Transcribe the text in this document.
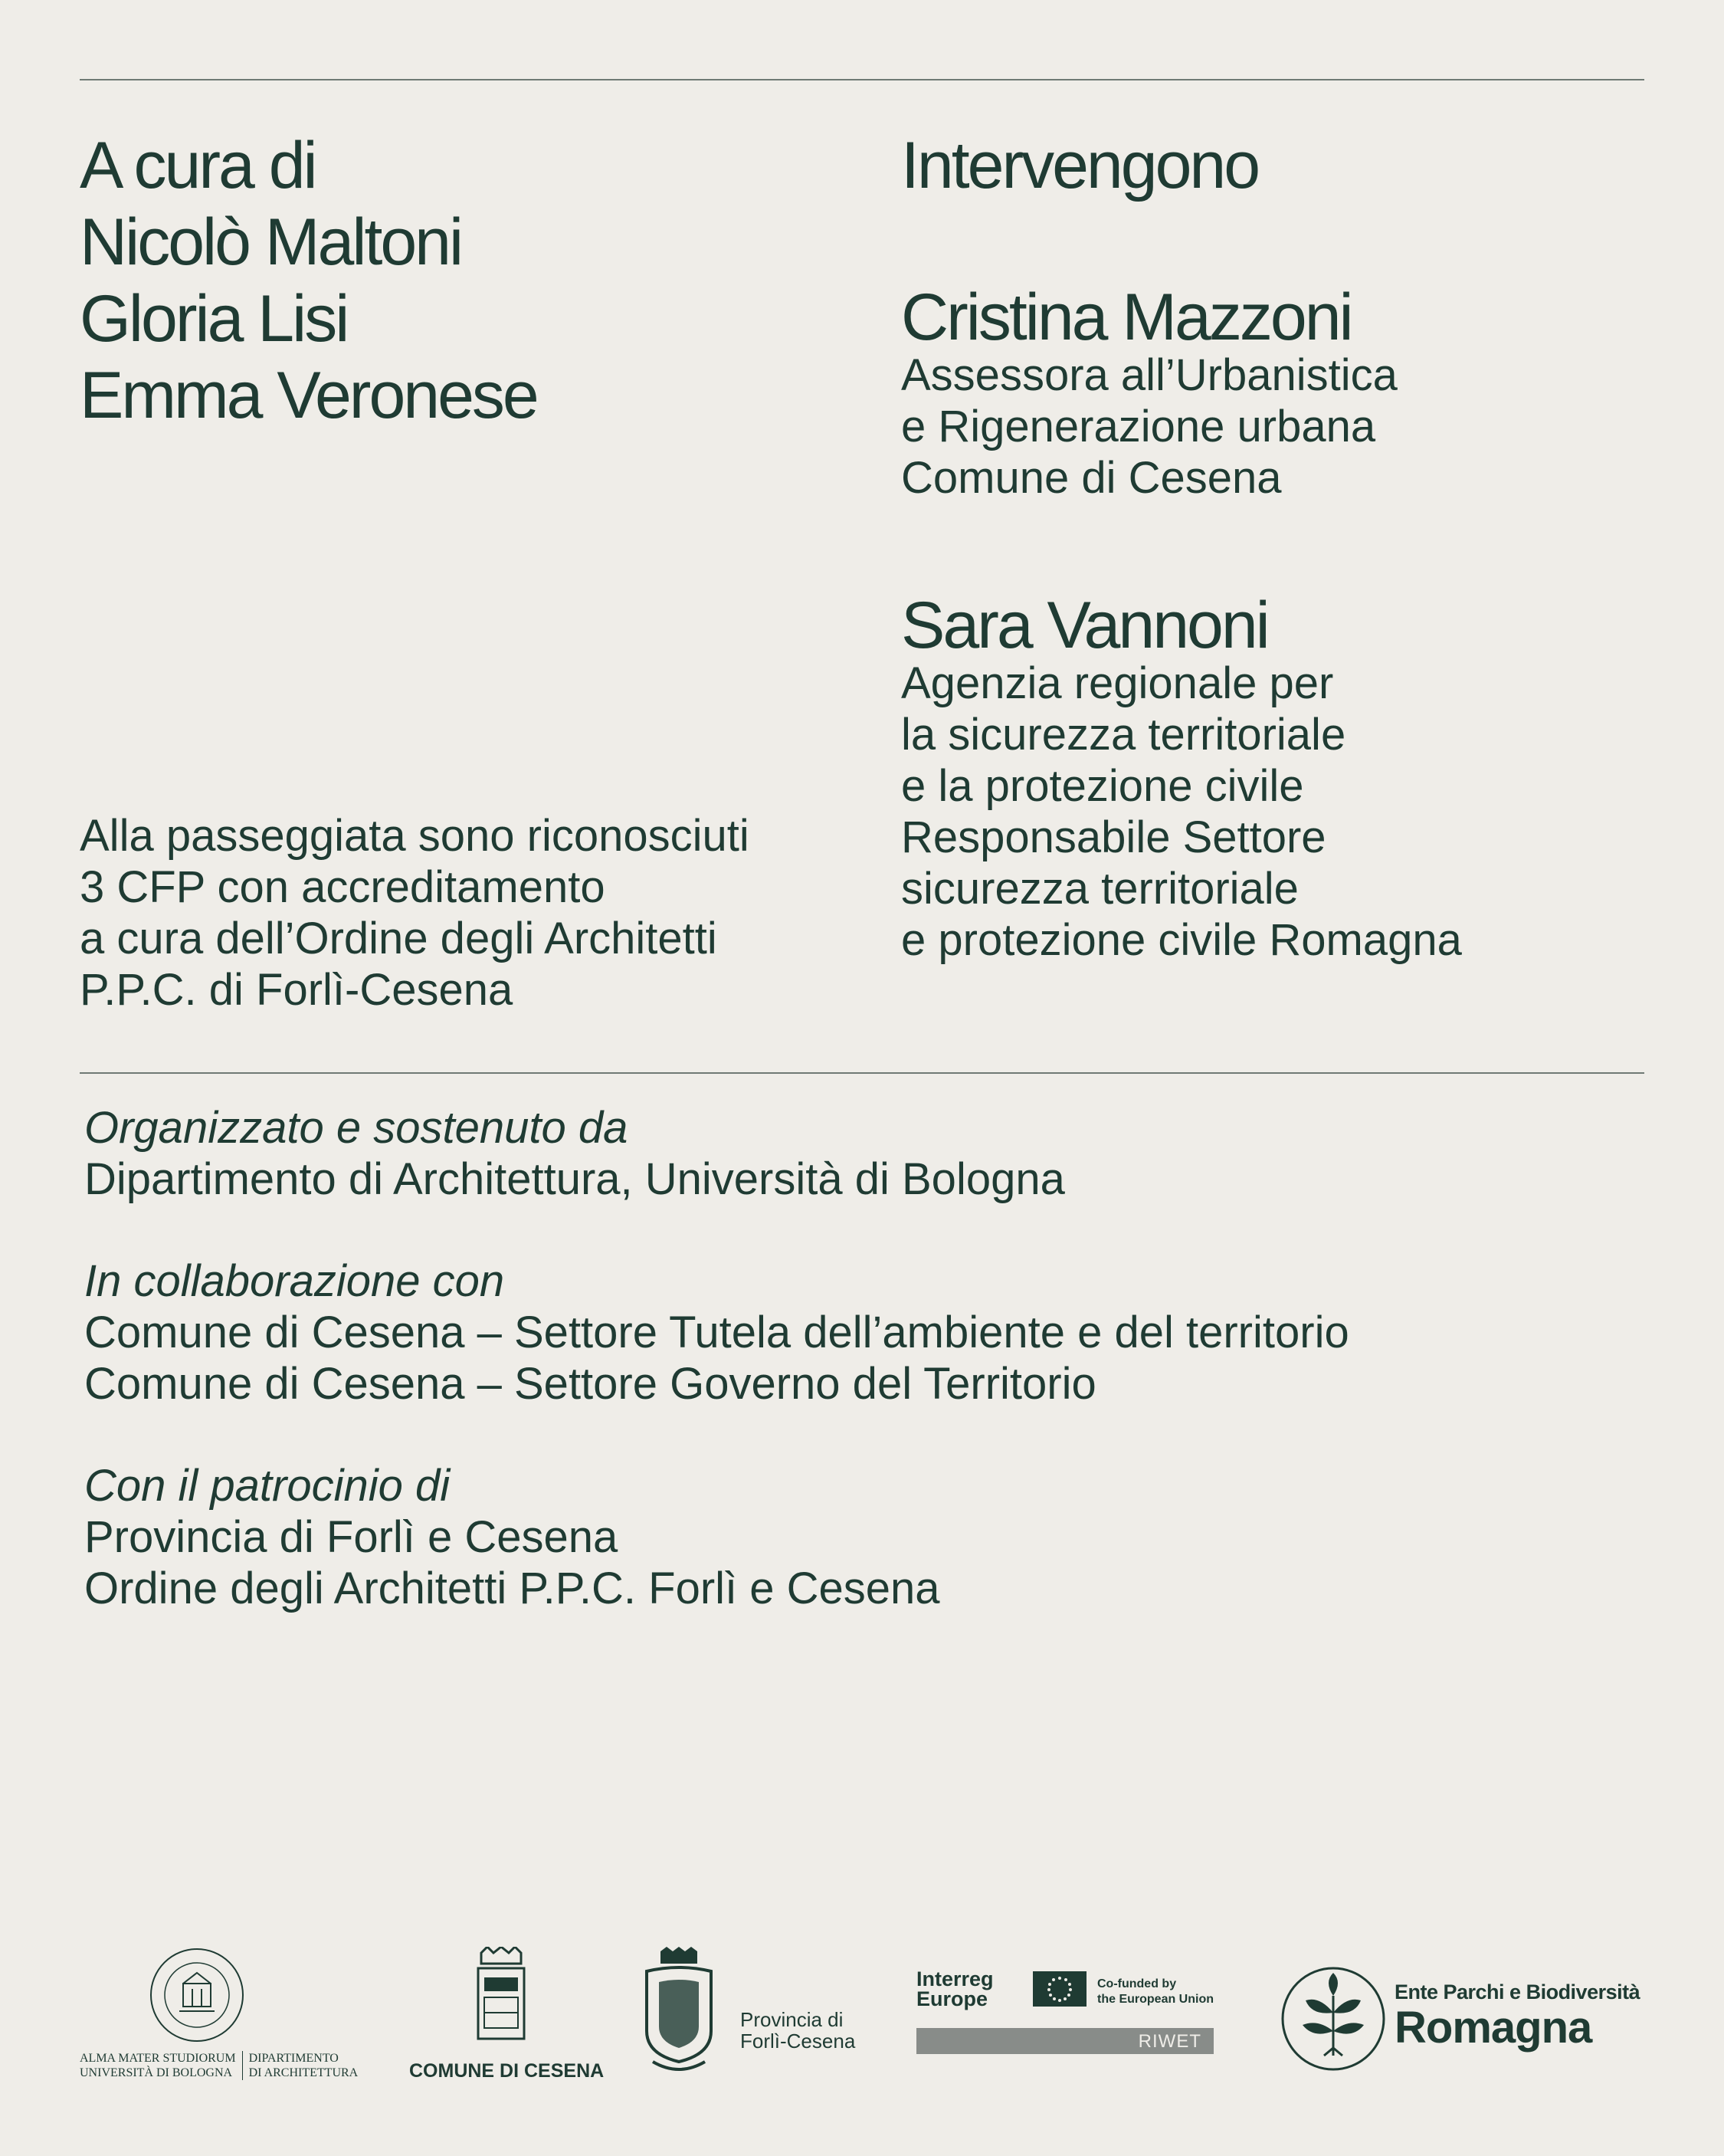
A cura di

Nicolò Maltoni

Gloria Lisi

Emma Veronese

Intervengono

Cristina Mazzoni

Assessora all’Urbanistica

e Rigenerazione urbana

Comune di Cesena

Sara Vannoni

Agenzia regionale per

la sicurezza territoriale

e la protezione civile

Responsabile Settore

sicurezza territoriale

e protezione civile Romagna

Alla passeggiata sono riconosciuti

3 CFP con accreditamento

a cura dell’Ordine degli Architetti

P.P.C. di Forlì-Cesena

Organizzato e sostenuto da

Dipartimento di Architettura, Università di Bologna

In collaborazione con

Comune di Cesena – Settore Tutela dell’ambiente e del territorio

Comune di Cesena – Settore Governo del Territorio

Con il patrocinio di

Provincia di Forlì e Cesena

Ordine degli Architetti P.P.C. Forlì e Cesena

ALMA MATER STUDIORUM
UNIVERSITÀ DI BOLOGNA
DIPARTIMENTO
DI ARCHITETTURA	COMUNE DI CESENA
Provincia di
Forlì-Cesena
Interreg
Europe
Co-funded by
the European Union
RIWET
Ente Parchi e Biodiversità
Romagna
